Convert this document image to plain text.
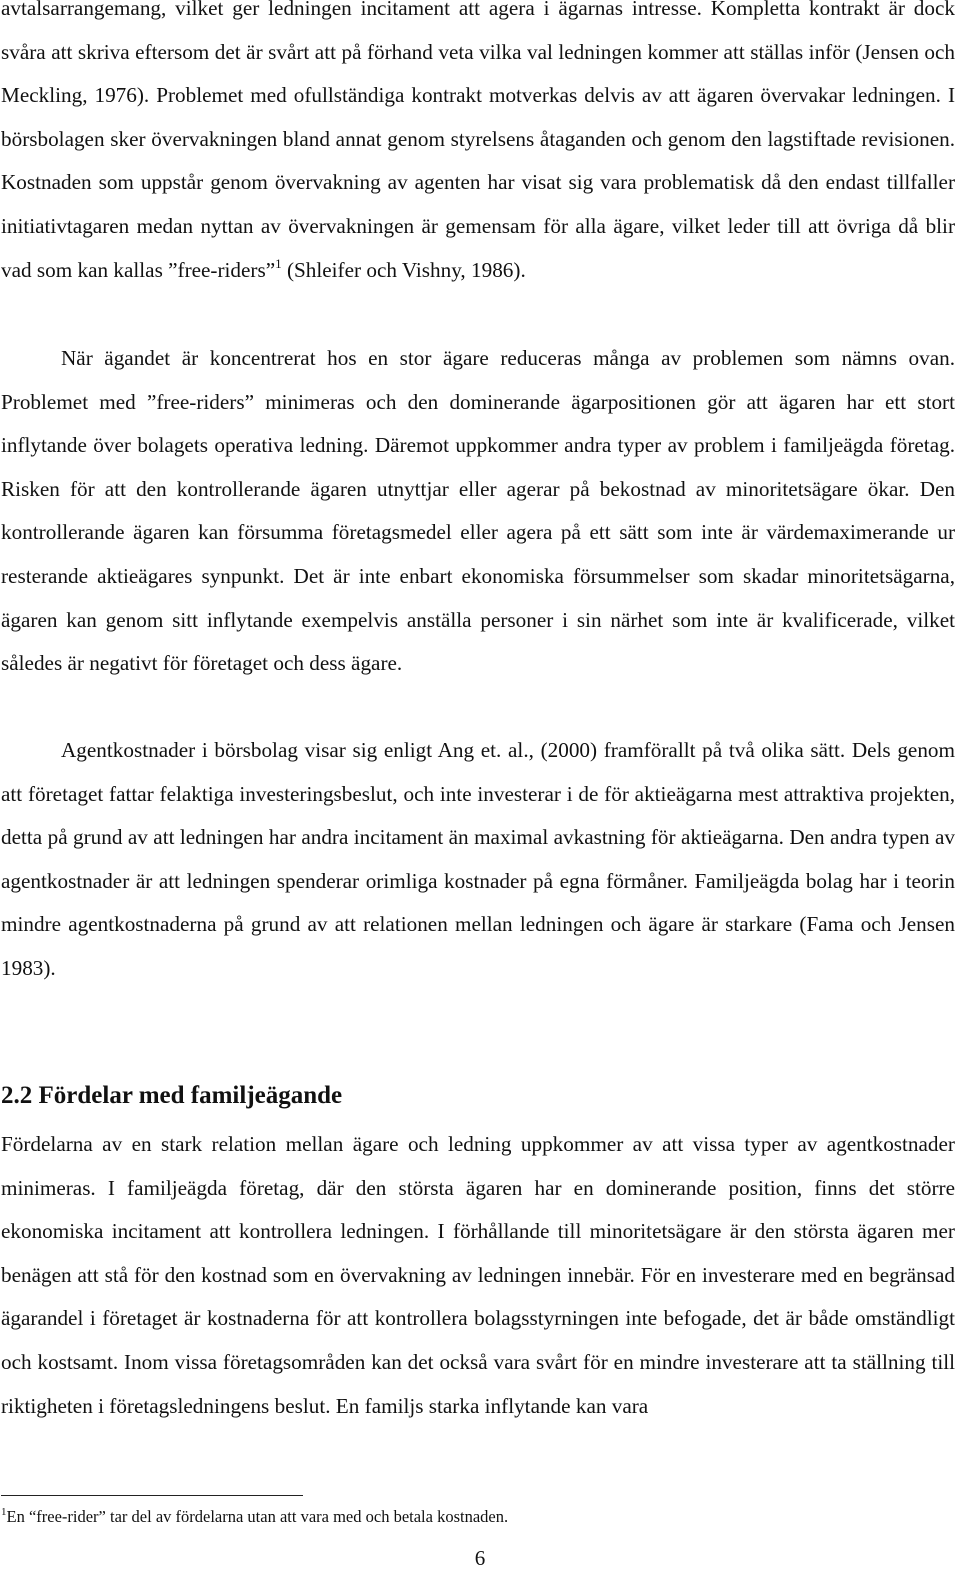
avtalsarrangemang, vilket ger ledningen incitament att agera i ägarnas intresse. Kompletta kontrakt är dock svåra att skriva eftersom det är svårt att på förhand veta vilka val ledningen kommer att ställas inför (Jensen och Meckling, 1976). Problemet med ofullständiga kontrakt motverkas delvis av att ägaren övervakar ledningen. I börsbolagen sker övervakningen bland annat genom styrelsens åtaganden och genom den lagstiftade revisionen. Kostnaden som uppstår genom övervakning av agenten har visat sig vara problematisk då den endast tillfaller initiativtagaren medan nyttan av övervakningen är gemensam för alla ägare, vilket leder till att övriga då blir vad som kan kallas ”free-riders”$^1$ (Shleifer och Vishny, 1986).

När ägandet är koncentrerat hos en stor ägare reduceras många av problemen som nämns ovan. Problemet med ”free-riders” minimeras och den dominerande ägarpositionen gör att ägaren har ett stort inflytande över bolagets operativa ledning. Däremot uppkommer andra typer av problem i familjeägda företag. Risken för att den kontrollerande ägaren utnyttjar eller agerar på bekostnad av minoritetsägare ökar. Den kontrollerande ägaren kan försumma företagsmedel eller agera på ett sätt som inte är värdemaximerande ur resterande aktieägares synpunkt. Det är inte enbart ekonomiska försummelser som skadar minoritetsägarna, ägaren kan genom sitt inflytande exempelvis anställa personer i sin närhet som inte är kvalificerade, vilket således är negativt för företaget och dess ägare.

Agentkostnader i börsbolag visar sig enligt Ang et. al., (2000) framförallt på två olika sätt. Dels genom att företaget fattar felaktiga investeringsbeslut, och inte investerar i de för aktieägarna mest attraktiva projekten, detta på grund av att ledningen har andra incitament än maximal avkastning för aktieägarna. Den andra typen av agentkostnader är att ledningen spenderar orimliga kostnader på egna förmåner. Familjeägda bolag har i teorin mindre agentkostnaderna på grund av att relationen mellan ledningen och ägare är starkare (Fama och Jensen 1983).

2.2 Fördelar med familjeägande

Fördelarna av en stark relation mellan ägare och ledning uppkommer av att vissa typer av agentkostnader minimeras. I familjeägda företag, där den största ägaren har en dominerande position, finns det större ekonomiska incitament att kontrollera ledningen. I förhållande till minoritetsägare är den största ägaren mer benägen att stå för den kostnad som en övervakning av ledningen innebär. För en investerare med en begränsad ägarandel i företaget är kostnaderna för att kontrollera bolagsstyrningen inte befogade, det är både omständligt och kostsamt. Inom vissa företagsområden kan det också vara svårt för en mindre investerare att ta ställning till riktigheten i företagsledningens beslut. En familjs starka inflytande kan vara

$^1$En “free-rider” tar del av fördelarna utan att vara med och betala kostnaden.

6
